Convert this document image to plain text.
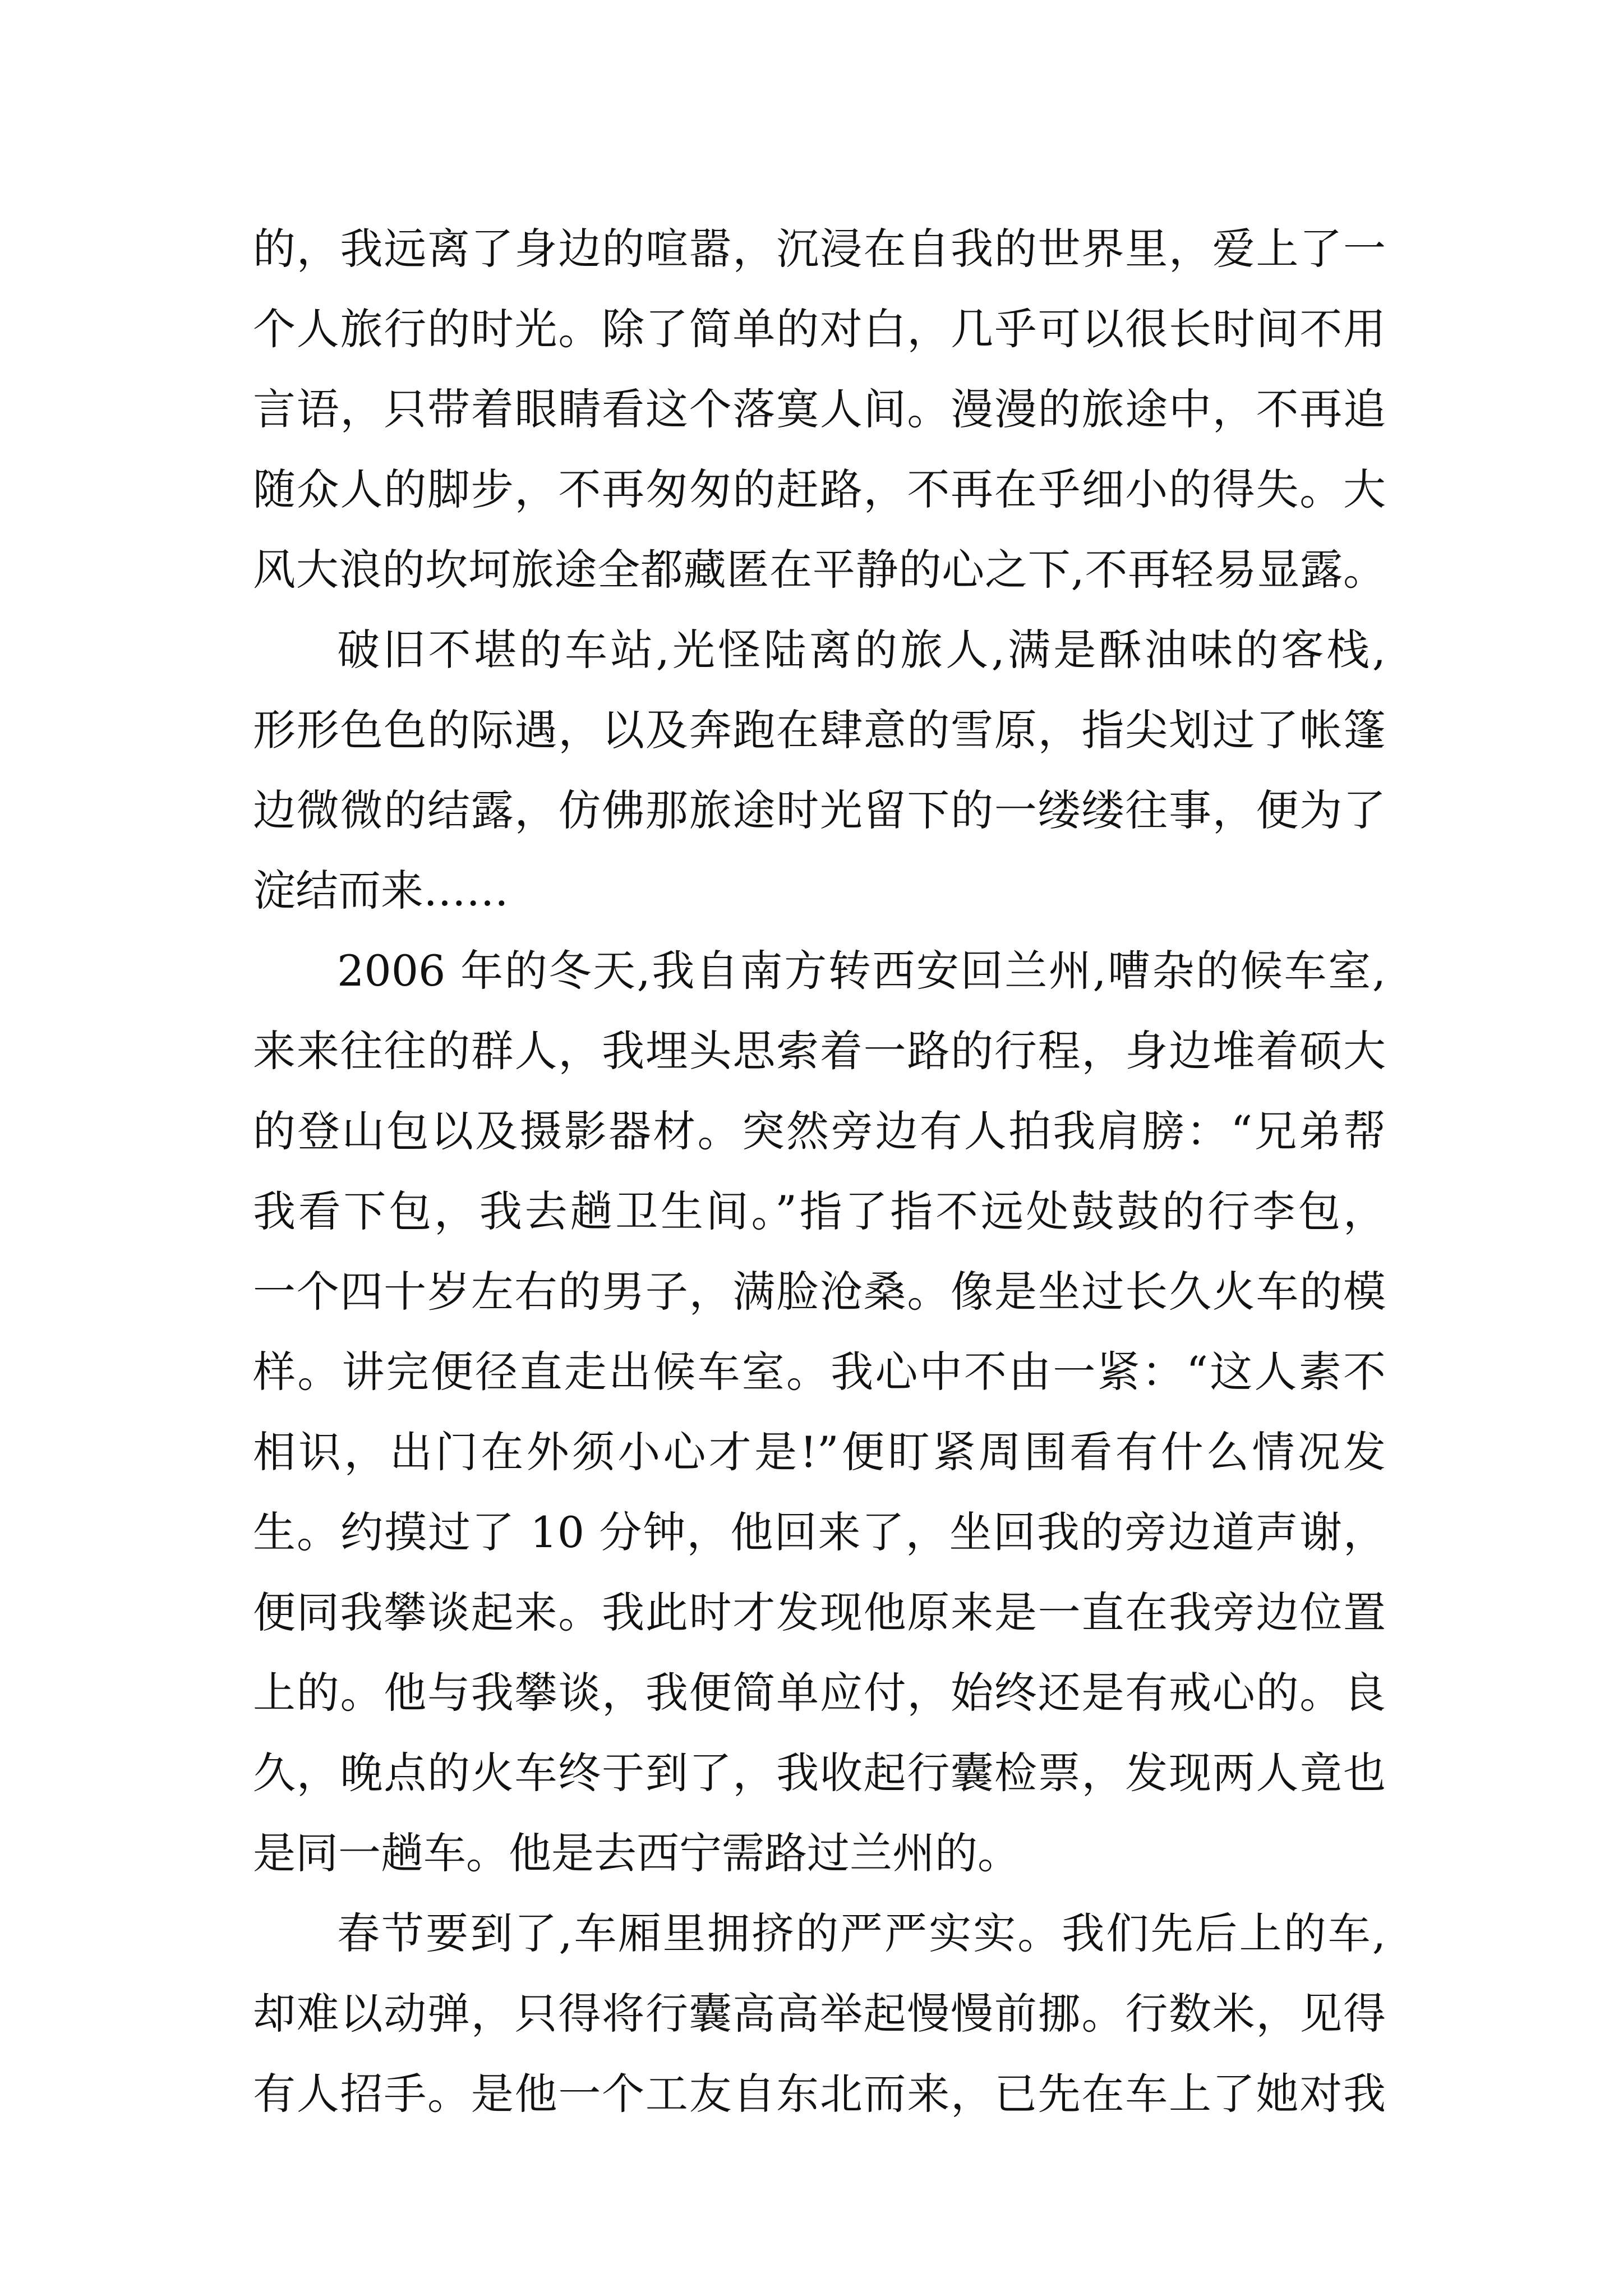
的，我远离了身边的喧嚣，沉浸在自我的世界里，爱上了一
个人旅行的时光。除了简单的对白，几乎可以很长时间不用
言语，只带着眼睛看这个落寞人间。漫漫的旅途中，不再追
随众人的脚步，不再匆匆的赶路，不再在乎细小的得失。大
风大浪的坎坷旅途全都藏匿在平静的心之下,不再轻易显露。
破旧不堪的车站,光怪陆离的旅人,满是酥油味的客栈,
形形色色的际遇，以及奔跑在肆意的雪原，指尖划过了帐篷
边微微的结露，仿佛那旅途时光留下的一缕缕往事，便为了
淀结而来……
2006 年的冬天,我自南方转西安回兰州,嘈杂的候车室,
来来往往的群人，我埋头思索着一路的行程，身边堆着硕大
的登山包以及摄影器材。突然旁边有人拍我肩膀：“兄弟帮
我看下包，我去趟卫生间。”指了指不远处鼓鼓的行李包，
一个四十岁左右的男子，满脸沧桑。像是坐过长久火车的模
样。讲完便径直走出候车室。我心中不由一紧：“这人素不
相识，出门在外须小心才是!”便盯紧周围看有什么情况发
生。约摸过了 10 分钟，他回来了，坐回我的旁边道声谢，
便同我攀谈起来。我此时才发现他原来是一直在我旁边位置
上的。他与我攀谈，我便简单应付，始终还是有戒心的。良
久，晚点的火车终于到了，我收起行囊检票，发现两人竟也
是同一趟车。他是去西宁需路过兰州的。
春节要到了,车厢里拥挤的严严实实。我们先后上的车,
却难以动弹，只得将行囊高高举起慢慢前挪。行数米，见得
有人招手。是他一个工友自东北而来，已先在车上了她对我
